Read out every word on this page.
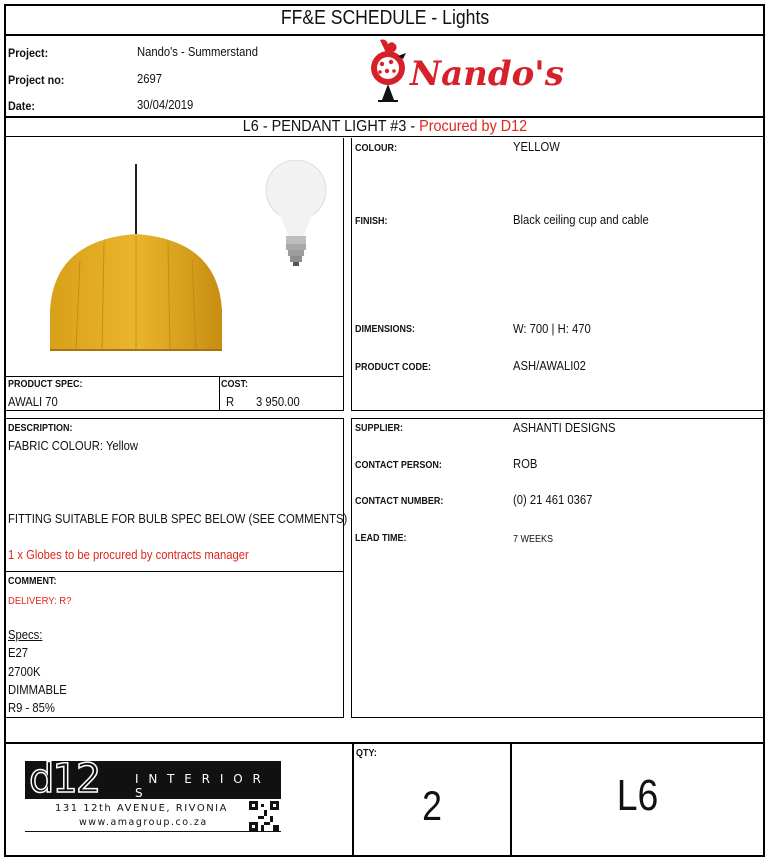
FF&E SCHEDULE - Lights
Project:	Nando's - Summerstand
Project no:	2697
Date:	30/04/2019
Nando's
L6 - PENDANT LIGHT #3 - Procured by D12
PRODUCT SPEC:
AWALI 70
COST:
R 3 950.00
COLOUR:	YELLOW
FINISH:	Black ceiling cup and cable
DIMENSIONS:	W: 700 | H: 470
PRODUCT CODE:	ASH/AWALI02
DESCRIPTION:
FABRIC COLOUR: Yellow
FITTING SUITABLE FOR BULB SPEC BELOW (SEE COMMENTS)
1 x Globes to be procured by contracts manager
SUPPLIER:	ASHANTI DESIGNS
CONTACT PERSON:	ROB
CONTACT NUMBER:	(0) 21 461 0367
LEAD TIME:	7 WEEKS
COMMENT:
DELIVERY: R?
Specs:
E27
2700K
DIMMABLE
R9 - 85%
d12	I N T E R I O R S
131 12th AVENUE, RIVONIA
www.amagroup.co.za
QTY:
2	L6
